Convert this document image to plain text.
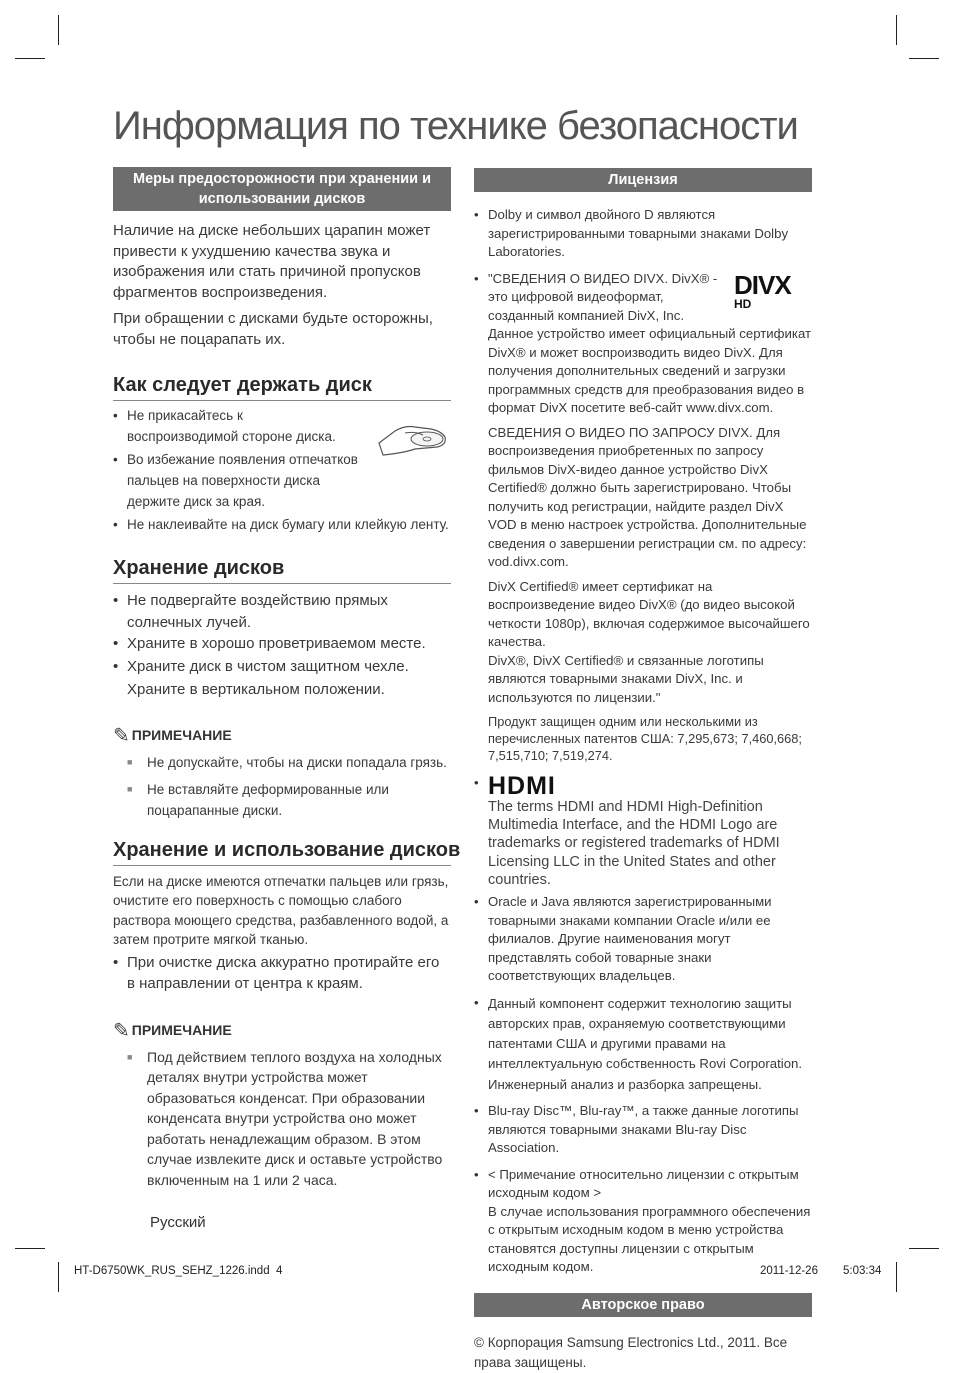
Информация по технике безопасности
Меры предосторожности при хранении и использовании дисков

Наличие на диске небольших царапин может привести к ухудшению качества звука и изображения или стать причиной пропусков фрагментов воспроизведения.

При обращении с дисками будьте осторожны, чтобы не поцарапать их.

Как следует держать диск
• Не прикасайтесь к воспроизводимой стороне диска.
• Во избежание появления отпечатков пальцев на поверхности диска держите диск за края.
• Не наклеивайте на диск бумагу или клейкую ленту.
Хранение дисков
• Не подвергайте воздействию прямых солнечных лучей.
• Храните в хорошо проветриваемом месте.
• Храните диск в чистом защитном чехле. Храните в вертикальном положении.
✎ ПРИМЕЧАНИЕ
■ Не допускайте, чтобы на диски попадала грязь.
■ Не вставляйте деформированные или поцарапанные диски.
Хранение и использование дисков

Если на диске имеются отпечатки пальцев или грязь, очистите его поверхность с помощью слабого раствора моющего средства, разбавленного водой, а затем протрите мягкой тканью.

• При очистке диска аккуратно протирайте его в направлении от центра к краям.
✎ ПРИМЕЧАНИЕ
■ Под действием теплого воздуха на холодных деталях внутри устройства может образоваться конденсат. При образовании конденсата внутри устройства оно может работать ненадлежащим образом. В этом случае извлеките диск и оставьте устройство включенным на 1 или 2 часа.
Лицензия
• Dolby и символ двойного D являются зарегистрированными товарными знаками Dolby Laboratories.
• DIVX
HD
"СВЕДЕНИЯ О ВИДЕО DIVX. DivX® - это цифровой видеоформат, созданный компанией DivX, Inc. Данное устройство имеет официальный сертификат DivX® и может воспроизводить видео DivX. Для получения дополнительных сведений и загрузки программных средств для преобразования видео в формат DivX посетите веб-сайт www.divx.com.
СВЕДЕНИЯ О ВИДЕО ПО ЗАПРОСУ DIVX. Для воспроизведения приобретенных по запросу фильмов DivX-видео данное устройство DivX Certified® должно быть зарегистрировано. Чтобы получить код регистрации, найдите раздел DivX VOD в меню настроек устройства. Дополнительные сведения о завершении регистрации см. по адресу: vod.divx.com.
DivX Certified® имеет сертификат на воспроизведение видео DivX® (до видео высокой четкости 1080p), включая содержимое высочайшего качества.
DivX®, DivX Certified® и связанные логотипы являются товарными знаками DivX, Inc. и используются по лицензии."
Продукт защищен одним или несколькими из перечисленных патентов США: 7,295,673; 7,460,668; 7,515,710; 7,519,274.
• HDMI
The terms HDMI and HDMI High-Definition Multimedia Interface, and the HDMI Logo are trademarks or registered trademarks of HDMI Licensing LLC in the United States and other countries.
• Oracle и Java являются зарегистрированными товарными знаками компании Oracle и/или ее филиалов. Другие наименования могут представлять собой товарные знаки соответствующих владельцев.
• Данный компонент содержит технологию защиты авторских прав, охраняемую соответствующими патентами США и другими правами на интеллектуальную собственность Rovi Corporation.
Инженерный анализ и разборка запрещены.
• Blu-ray Disc™, Blu-ray™, а также данные логотипы являются товарными знаками Blu-ray Disc Association.
• < Примечание относительно лицензии с открытым исходным кодом >
В случае использования программного обеспечения с открытым исходным кодом в меню устройства становятся доступны лицензии с открытым исходным кодом.
Авторское право

© Корпорация Samsung Electronics Ltd., 2011. Все права защищены.

Русский
HT-D6750WK_RUS_SEHZ_1226.indd 4	2011-12-26 5:03:34
